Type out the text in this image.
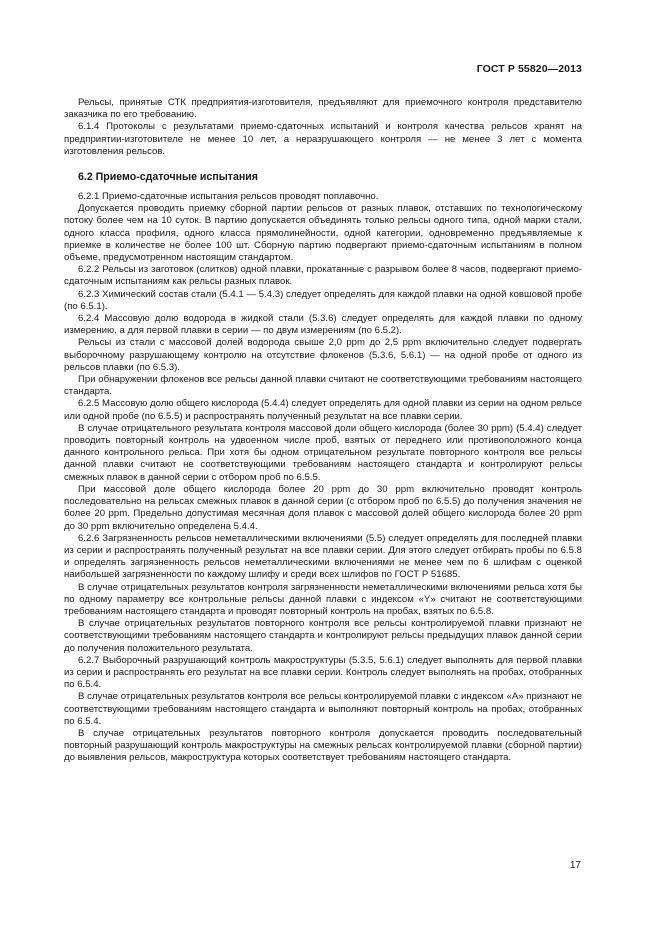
ГОСТ Р 55820—2013

Рельсы, принятые СТК предприятия-изготовителя, предъявляют для приемочного контроля представителю заказчика по его требованию.

6.1.4 Протоколы с результатами приемо-сдаточных испытаний и контроля качества рельсов хранят на предприятии-изготовителе не менее 10 лет, а неразрушающего контроля — не менее 3 лет с момента изготовления рельсов.

6.2 Приемо-сдаточные испытания

6.2.1 Приемо-сдаточные испытания рельсов проводят поплавочно.

Допускается проводить приемку сборной партии рельсов от разных плавок, отставших по технологическому потоку более чем на 10 суток. В партию допускается объединять только рельсы одного типа, одной марки стали, одного класса профиля, одного класса прямолинейности, одной категории, одновременно предъявляемые к приемке в количестве не более 100 шт. Сборную партию подвергают приемо-сдаточным испытаниям в полном объеме, предусмотренном настоящим стандартом.

6.2.2 Рельсы из заготовок (слитков) одной плавки, прокатанные с разрывом более 8 часов, подвергают приемо-сдаточным испытаниям как рельсы разных плавок.

6.2.3 Химический состав стали (5.4.1 — 5.4.3) следует определять для каждой плавки на одной ковшовой пробе (по 6.5.1).

6.2.4 Массовую долю водорода в жидкой стали (5.3.6) следует определять для каждой плавки по одному измерению, а для первой плавки в серии — по двум измерениям (по 6.5.2).

Рельсы из стали с массовой долей водорода свыше 2,0 ppm до 2,5 ppm включительно следует подвергать выборочному разрушающему контролю на отсутствие флокенов (5.3.6, 5.6.1) — на одной пробе от одного из рельсов плавки (по 6.5.3).

При обнаружении флокенов все рельсы данной плавки считают не соответствующими требованиям настоящего стандарта.

6.2.5 Массовую долю общего кислорода (5.4.4) следует определять для одной плавки из серии на одном рельсе или одной пробе (по 6.5.5) и распространять полученный результат на все плавки серии.

В случае отрицательного результата контроля массовой доли общего кислорода (более 30 ppm) (5.4.4) следует проводить повторный контроль на удвоенном числе проб, взятых от переднего или противоположного конца данного контрольного рельса. При хотя бы одном отрицательном результате повторного контроля все рельсы данной плавки считают не соответствующими требованиям настоящего стандарта и контролируют рельсы смежных плавок в данной серии с отбором проб по 6.5.5.

При массовой доле общего кислорода более 20 ppm до 30 ppm включительно проводят контроль последовательно на рельсах смежных плавок в данной серии (с отбором проб по 6.5.5) до получения значения не более 20 ppm. Предельно допустимая месячная доля плавок с массовой долей общего кислорода более 20 ppm до 30 ppm включительно определена 5.4.4.

6.2.6 Загрязненность рельсов неметаллическими включениями (5.5) следует определять для последней плавки из серии и распространять полученный результат на все плавки серии. Для этого следует отбирать пробы по 6.5.8 и определять загрязненность рельсов неметаллическими включениями не менее чем по 6 шлифам с оценкой наибольшей загрязненности по каждому шлифу и среди всех шлифов по ГОСТ Р 51685.

В случае отрицательных результатов контроля загрязненности неметаллическими включениями рельса хотя бы по одному параметру все контрольные рельсы данной плавки с индексом «Y» считают не соответствующими требованиям настоящего стандарта и проводят повторный контроль на пробах, взятых по 6.5.8.

В случае отрицательных результатов повторного контроля все рельсы контролируемой плавки признают не соответствующими требованиям настоящего стандарта и контролируют рельсы предыдущих плавок данной серии до получения положительного результата.

6.2.7 Выборочный разрушающий контроль макроструктуры (5.3.5, 5.6.1) следует выполнять для первой плавки из серии и распространять его результат на все плавки серии. Контроль следует выполнять на пробах, отобранных по 6.5.4.

В случае отрицательных результатов контроля все рельсы контролируемой плавки с индексом «А» признают не соответствующими требованиям настоящего стандарта и выполняют повторный контроль на пробах, отобранных по 6.5.4.

В случае отрицательных результатов повторного контроля допускается проводить последовательный повторный разрушающий контроль макроструктуры на смежных рельсах контролируемой плавки (сборной партии) до выявления рельсов, макроструктура которых соответствует требованиям настоящего стандарта.

17
